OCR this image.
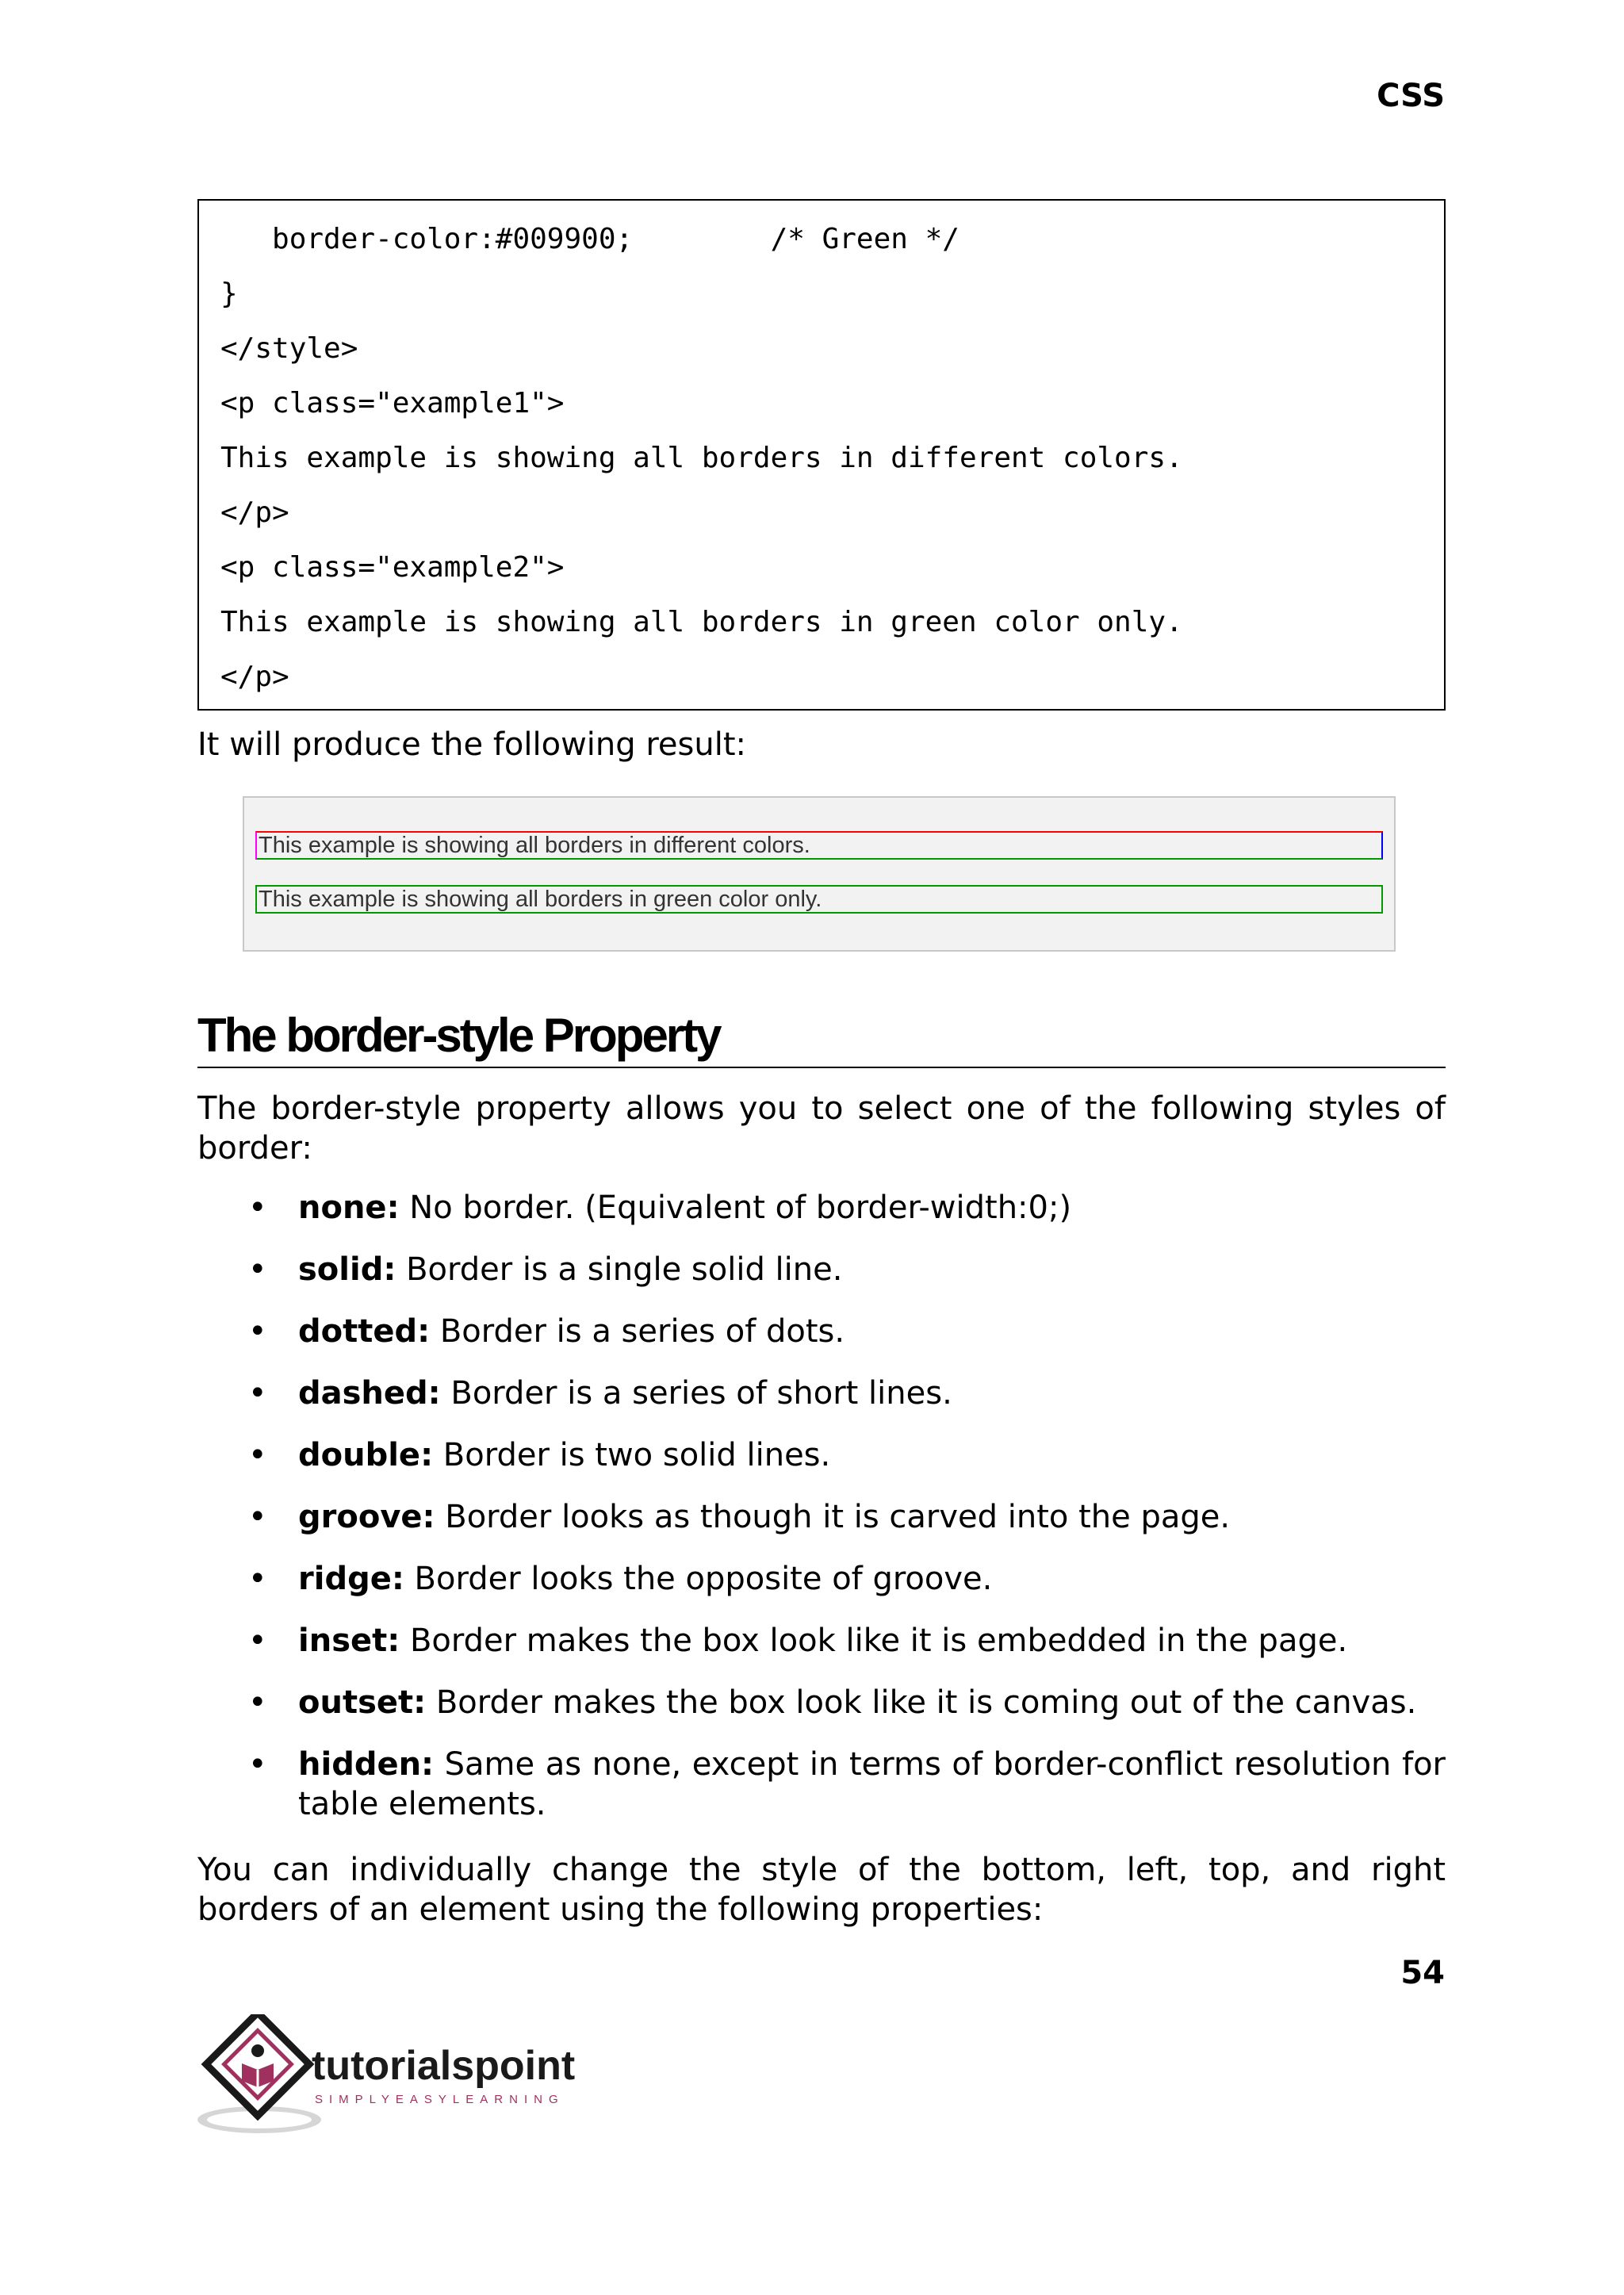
CSS
border-color:#009900;        /* Green */
}
</style>
<p class="example1">
This example is showing all borders in different colors.
</p>
<p class="example2">
This example is showing all borders in green color only.
</p>
It will produce the following result:
This example is showing all borders in different colors.
This example is showing all borders in green color only.
The border-style Property
The border-style property allows you to select one of the following styles of border:
• none: No border. (Equivalent of border-width:0;)
• solid: Border is a single solid line.
• dotted: Border is a series of dots.
• dashed: Border is a series of short lines.
• double: Border is two solid lines.
• groove: Border looks as though it is carved into the page.
• ridge: Border looks the opposite of groove.
• inset: Border makes the box look like it is embedded in the page.
• outset: Border makes the box look like it is coming out of the canvas.
• hidden: Same as none, except in terms of border-conflict resolution for table elements.
You can individually change the style of the bottom, left, top, and right borders of an element using the following properties:
54
tutorialspoint
SIMPLYEASYLEARNING
